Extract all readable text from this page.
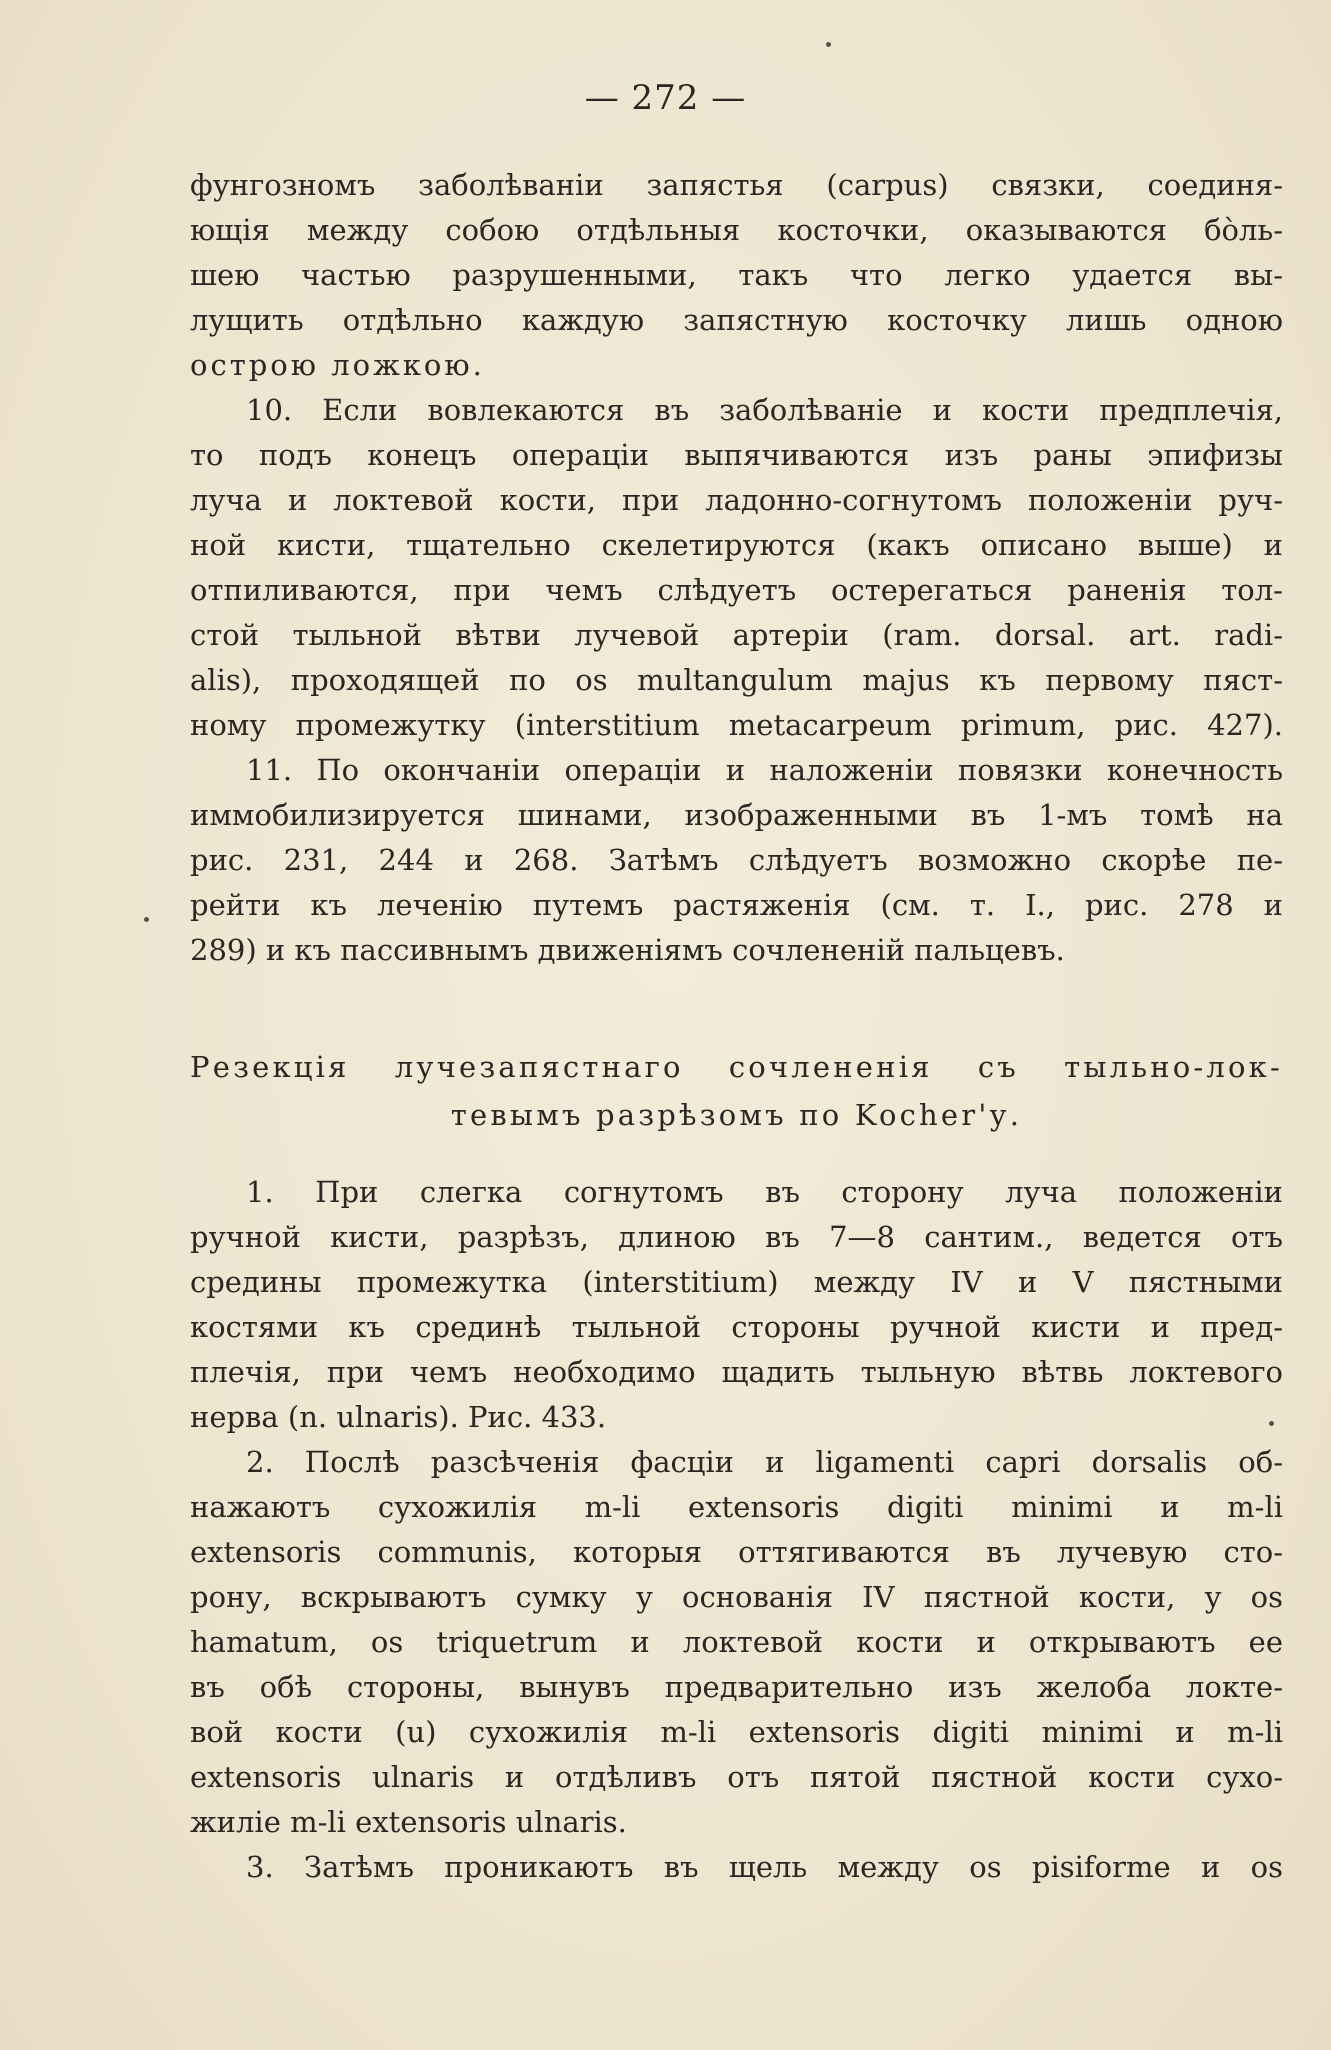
— 272 —
фунгозномъ заболѣваніи запястья (carpus) связки, соединя-
ющія между собою отдѣльныя косточки, оказываются бо̀ль-
шею частью разрушенными, такъ что легко удается вы-
лущить отдѣльно каждую запястную косточку лишь одною
острою ложкою.
10. Если вовлекаются въ заболѣваніе и кости предплечія,
то подъ конецъ операціи выпячиваются изъ раны эпифизы
луча и локтевой кости, при ладонно-согнутомъ положеніи руч-
ной кисти, тщательно скелетируются (какъ описано выше) и
отпиливаются, при чемъ слѣдуетъ остерегаться раненія тол-
стой тыльной вѣтви лучевой артеріи (ram. dorsal. art. radi-
alis), проходящей по os multangulum majus къ первому пяст-
ному промежутку (interstitium metacarpeum primum, рис. 427).
11. По окончаніи операціи и наложеніи повязки конечность
иммобилизируется шинами, изображенными въ 1-мъ томѣ на
рис. 231, 244 и 268. Затѣмъ слѣдуетъ возможно скорѣе пе-
рейти къ леченію путемъ растяженія (см. т. I., рис. 278 и
289) и къ пассивнымъ движеніямъ сочлененій пальцевъ.
Резекція лучезапястнаго сочлененія съ тыльно-лок-
тевымъ разрѣзомъ по Kocher'у.
1. При слегка согнутомъ въ сторону луча положеніи
ручной кисти, разрѣзъ, длиною въ 7—8 сантим., ведется отъ
средины промежутка (interstitium) между IV и V пястными
костями къ срединѣ тыльной стороны ручной кисти и пред-
плечія, при чемъ необходимо щадить тыльную вѣтвь локтевого
нерва (n. ulnaris). Рис. 433.
2. Послѣ разсѣченія фасціи и ligamenti capri dorsalis об-
нажаютъ сухожилія m-li extensoris digiti minimi и m-li
extensoris communis, которыя оттягиваются въ лучевую сто-
рону, вскрываютъ сумку у основанія IV пястной кости, у os
hamatum, os triquetrum и локтевой кости и открываютъ ее
въ обѣ стороны, вынувъ предварительно изъ желоба локте-
вой кости (u) сухожилія m-li extensoris digiti minimi и m-li
extensoris ulnaris и отдѣливъ отъ пятой пястной кости сухо-
жиліе m-li extensoris ulnaris.
3. Затѣмъ проникаютъ въ щель между os pisiforme и os
